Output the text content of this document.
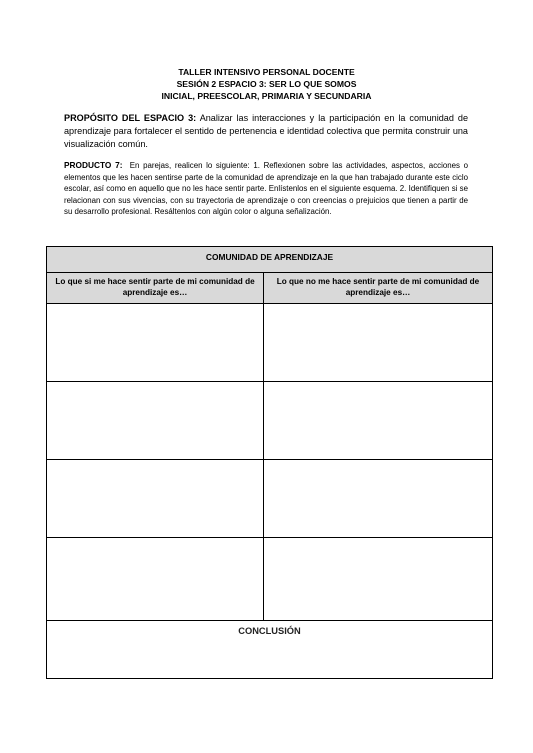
TALLER INTENSIVO PERSONAL DOCENTE
SESIÓN 2 ESPACIO 3: SER LO QUE SOMOS
INICIAL, PREESCOLAR, PRIMARIA Y SECUNDARIA
PROPÓSITO DEL ESPACIO 3: Analizar las interacciones y la participación en la comunidad de aprendizaje para fortalecer el sentido de pertenencia e identidad colectiva que permita construir una visualización común.
PRODUCTO 7: En parejas, realicen lo siguiente: 1. Reflexionen sobre las actividades, aspectos, acciones o elementos que les hacen sentirse parte de la comunidad de aprendizaje en la que han trabajado durante este ciclo escolar, así como en aquello que no les hace sentir parte. Enlístenlos en el siguiente esquema. 2. Identifiquen si se relacionan con sus vivencias, con su trayectoria de aprendizaje o con creencias o prejuicios que tienen a partir de su desarrollo profesional. Resáltenlos con algún color o alguna señalización.
COMUNIDAD DE APRENDIZAJE
Lo que si me hace sentir parte de mi comunidad de aprendizaje es…
Lo que no me hace sentir parte de mi comunidad de aprendizaje es…
CONCLUSIÓN
